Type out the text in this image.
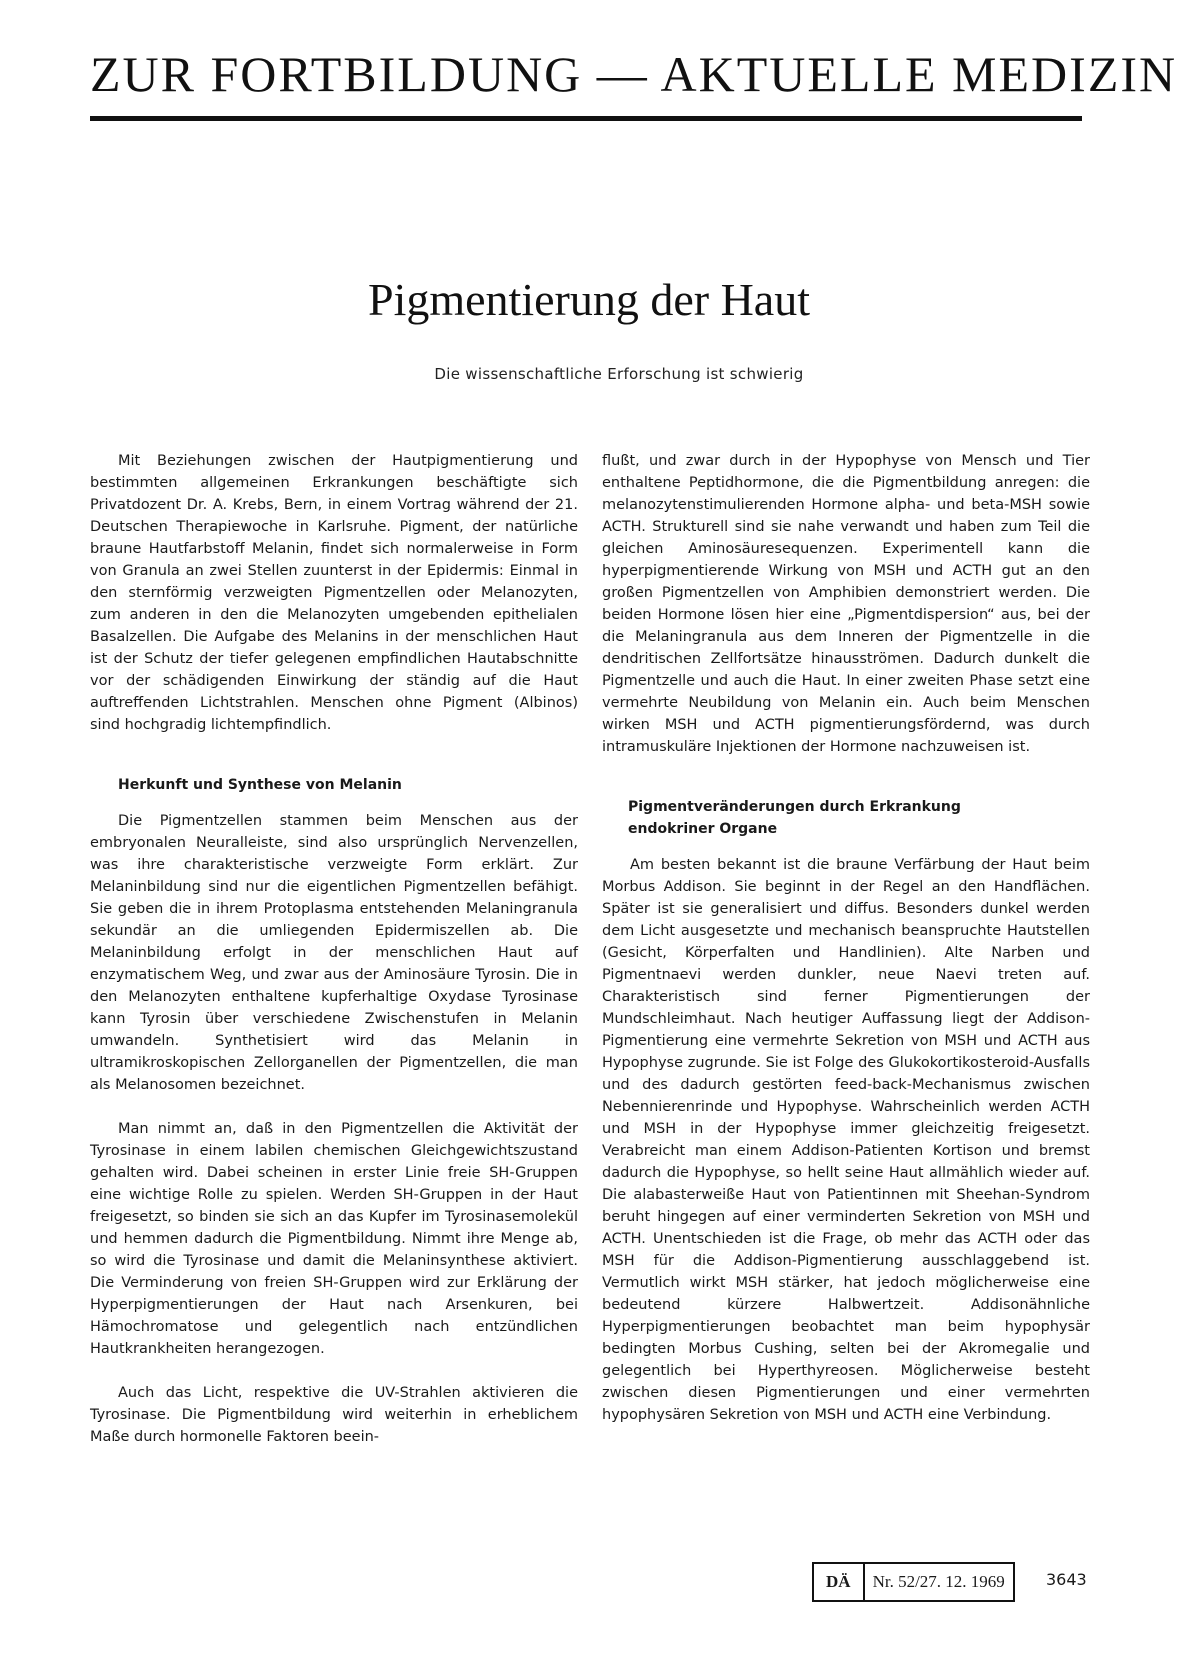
ZUR FORTBILDUNG — AKTUELLE MEDIZIN
Pigmentierung der Haut
Die wissenschaftliche Erforschung ist schwierig

Mit Beziehungen zwischen der Hautpigmentierung und bestimmten allgemeinen Erkrankungen beschäftigte sich Privatdozent Dr. A. Krebs, Bern, in einem Vortrag während der 21. Deutschen Therapiewoche in Karlsruhe. Pigment, der natürliche braune Hautfarbstoff Melanin, findet sich normalerweise in Form von Granula an zwei Stellen zuunterst in der Epidermis: Einmal in den sternförmig verzweigten Pigmentzellen oder Melanozyten, zum anderen in den die Melanozyten umgebenden epithelialen Basalzellen. Die Aufgabe des Melanins in der menschlichen Haut ist der Schutz der tiefer gelegenen empfindlichen Hautabschnitte vor der schädigenden Einwirkung der ständig auf die Haut auftreffenden Lichtstrahlen. Menschen ohne Pigment (Albinos) sind hochgradig lichtempfindlich.

Herkunft und Synthese von Melanin

Die Pigmentzellen stammen beim Menschen aus der embryonalen Neuralleiste, sind also ursprünglich Nervenzellen, was ihre charakteristische verzweigte Form erklärt. Zur Melaninbildung sind nur die eigentlichen Pigmentzellen befähigt. Sie geben die in ihrem Protoplasma entstehenden Melaningranula sekundär an die umliegenden Epidermiszellen ab. Die Melaninbildung erfolgt in der menschlichen Haut auf enzymatischem Weg, und zwar aus der Aminosäure Tyrosin. Die in den Melanozyten enthaltene kupferhaltige Oxydase Tyrosinase kann Tyrosin über verschiedene Zwischenstufen in Melanin umwandeln. Synthetisiert wird das Melanin in ultramikroskopischen Zellorganellen der Pigmentzellen, die man als Melanosomen bezeichnet.

Man nimmt an, daß in den Pigmentzellen die Aktivität der Tyrosinase in einem labilen chemischen Gleichgewichtszustand gehalten wird. Dabei scheinen in erster Linie freie SH-Gruppen eine wichtige Rolle zu spielen. Werden SH-Gruppen in der Haut freigesetzt, so binden sie sich an das Kupfer im Tyrosinasemolekül und hemmen dadurch die Pigmentbildung. Nimmt ihre Menge ab, so wird die Tyrosinase und damit die Melaninsynthese aktiviert. Die Verminderung von freien SH-Gruppen wird zur Erklärung der Hyperpigmentierungen der Haut nach Arsenkuren, bei Hämochromatose und gelegentlich nach entzündlichen Hautkrankheiten herangezogen.

Auch das Licht, respektive die UV-Strahlen aktivieren die Tyrosinase. Die Pigmentbildung wird weiterhin in erheblichem Maße durch hormonelle Faktoren beein-

flußt, und zwar durch in der Hypophyse von Mensch und Tier enthaltene Peptidhormone, die die Pigmentbildung anregen: die melanozytenstimulierenden Hormone alpha- und beta-MSH sowie ACTH. Strukturell sind sie nahe verwandt und haben zum Teil die gleichen Aminosäuresequenzen. Experimentell kann die hyperpigmentierende Wirkung von MSH und ACTH gut an den großen Pigmentzellen von Amphibien demonstriert werden. Die beiden Hormone lösen hier eine „Pigmentdispersion“ aus, bei der die Melaningranula aus dem Inneren der Pigmentzelle in die dendritischen Zellfortsätze hinausströmen. Dadurch dunkelt die Pigmentzelle und auch die Haut. In einer zweiten Phase setzt eine vermehrte Neubildung von Melanin ein. Auch beim Menschen wirken MSH und ACTH pigmentierungsfördernd, was durch intramuskuläre Injektionen der Hormone nachzuweisen ist.

Pigmentveränderungen durch Erkrankung endokriner Organe

Am besten bekannt ist die braune Verfärbung der Haut beim Morbus Addison. Sie beginnt in der Regel an den Handflächen. Später ist sie generalisiert und diffus. Besonders dunkel werden dem Licht ausgesetzte und mechanisch beanspruchte Hautstellen (Gesicht, Körperfalten und Handlinien). Alte Narben und Pigmentnaevi werden dunkler, neue Naevi treten auf. Charakteristisch sind ferner Pigmentierungen der Mundschleimhaut. Nach heutiger Auffassung liegt der Addison-Pigmentierung eine vermehrte Sekretion von MSH und ACTH aus Hypophyse zugrunde. Sie ist Folge des Glukokortikosteroid-Ausfalls und des dadurch gestörten feed-back-Mechanismus zwischen Nebennierenrinde und Hypophyse. Wahrscheinlich werden ACTH und MSH in der Hypophyse immer gleichzeitig freigesetzt. Verabreicht man einem Addison-Patienten Kortison und bremst dadurch die Hypophyse, so hellt seine Haut allmählich wieder auf. Die alabasterweiße Haut von Patientinnen mit Sheehan-Syndrom beruht hingegen auf einer verminderten Sekretion von MSH und ACTH. Unentschieden ist die Frage, ob mehr das ACTH oder das MSH für die Addison-Pigmentierung ausschlaggebend ist. Vermutlich wirkt MSH stärker, hat jedoch möglicherweise eine bedeutend kürzere Halbwertzeit. Addisonähnliche Hyperpigmentierungen beobachtet man beim hypophysär bedingten Morbus Cushing, selten bei der Akromegalie und gelegentlich bei Hyperthyreosen. Möglicherweise besteht zwischen diesen Pigmentierungen und einer vermehrten hypophysären Sekretion von MSH und ACTH eine Verbindung.

DÄ	Nr. 52/27. 12. 1969	3643
